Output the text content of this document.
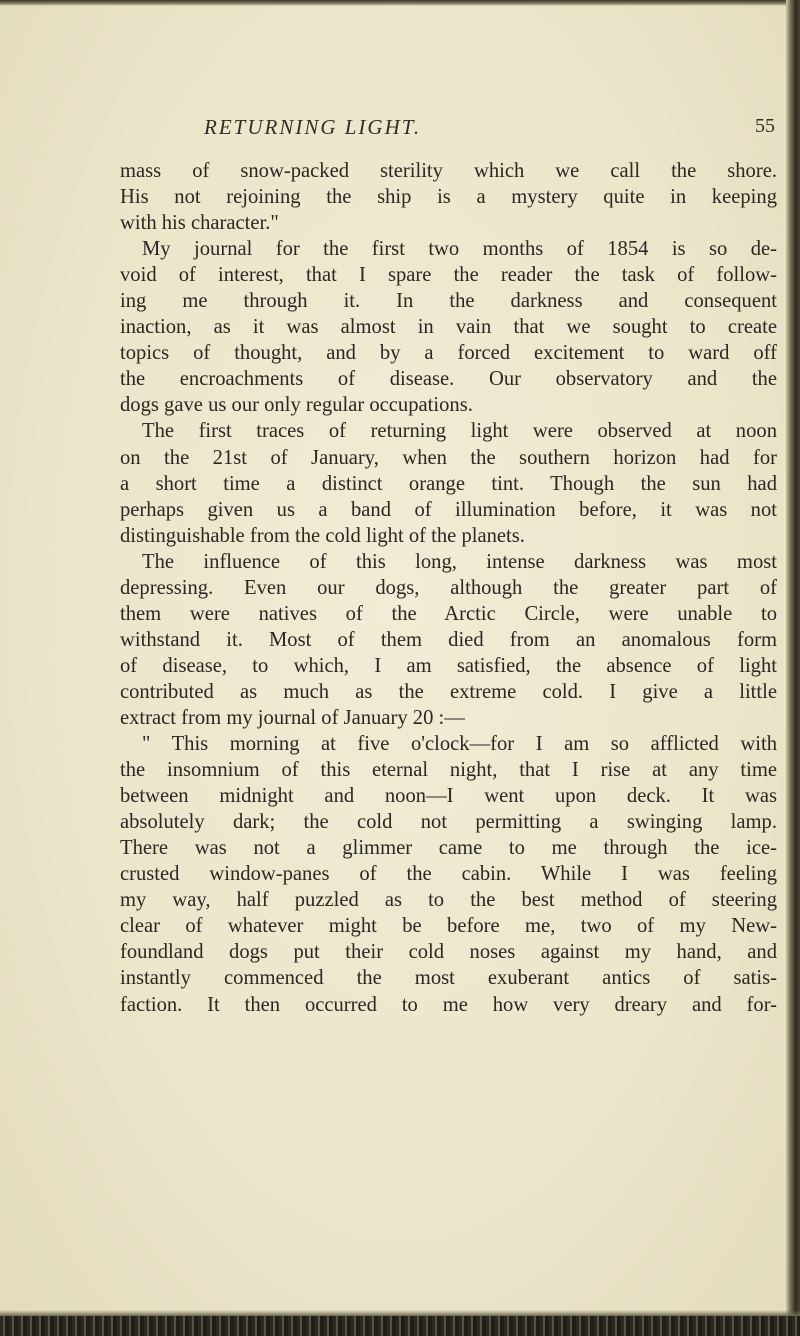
RETURNING LIGHT.	55
mass of snow-packed sterility which we call the shore.
His not rejoining the ship is a mystery quite in keeping
with his character."
My journal for the first two months of 1854 is so de-
void of interest, that I spare the reader the task of follow-
ing me through it. In the darkness and consequent
inaction, as it was almost in vain that we sought to create
topics of thought, and by a forced excitement to ward off
the encroachments of disease. Our observatory and the
dogs gave us our only regular occupations.
The first traces of returning light were observed at noon
on the 21st of January, when the southern horizon had for
a short time a distinct orange tint. Though the sun had
perhaps given us a band of illumination before, it was not
distinguishable from the cold light of the planets.
The influence of this long, intense darkness was most
depressing. Even our dogs, although the greater part of
them were natives of the Arctic Circle, were unable to
withstand it. Most of them died from an anomalous form
of disease, to which, I am satisfied, the absence of light
contributed as much as the extreme cold. I give a little
extract from my journal of January 20 :—
" This morning at five o'clock—for I am so afflicted with
the insomnium of this eternal night, that I rise at any time
between midnight and noon—I went upon deck. It was
absolutely dark; the cold not permitting a swinging lamp.
There was not a glimmer came to me through the ice-
crusted window-panes of the cabin. While I was feeling
my way, half puzzled as to the best method of steering
clear of whatever might be before me, two of my New-
foundland dogs put their cold noses against my hand, and
instantly commenced the most exuberant antics of satis-
faction. It then occurred to me how very dreary and for-
